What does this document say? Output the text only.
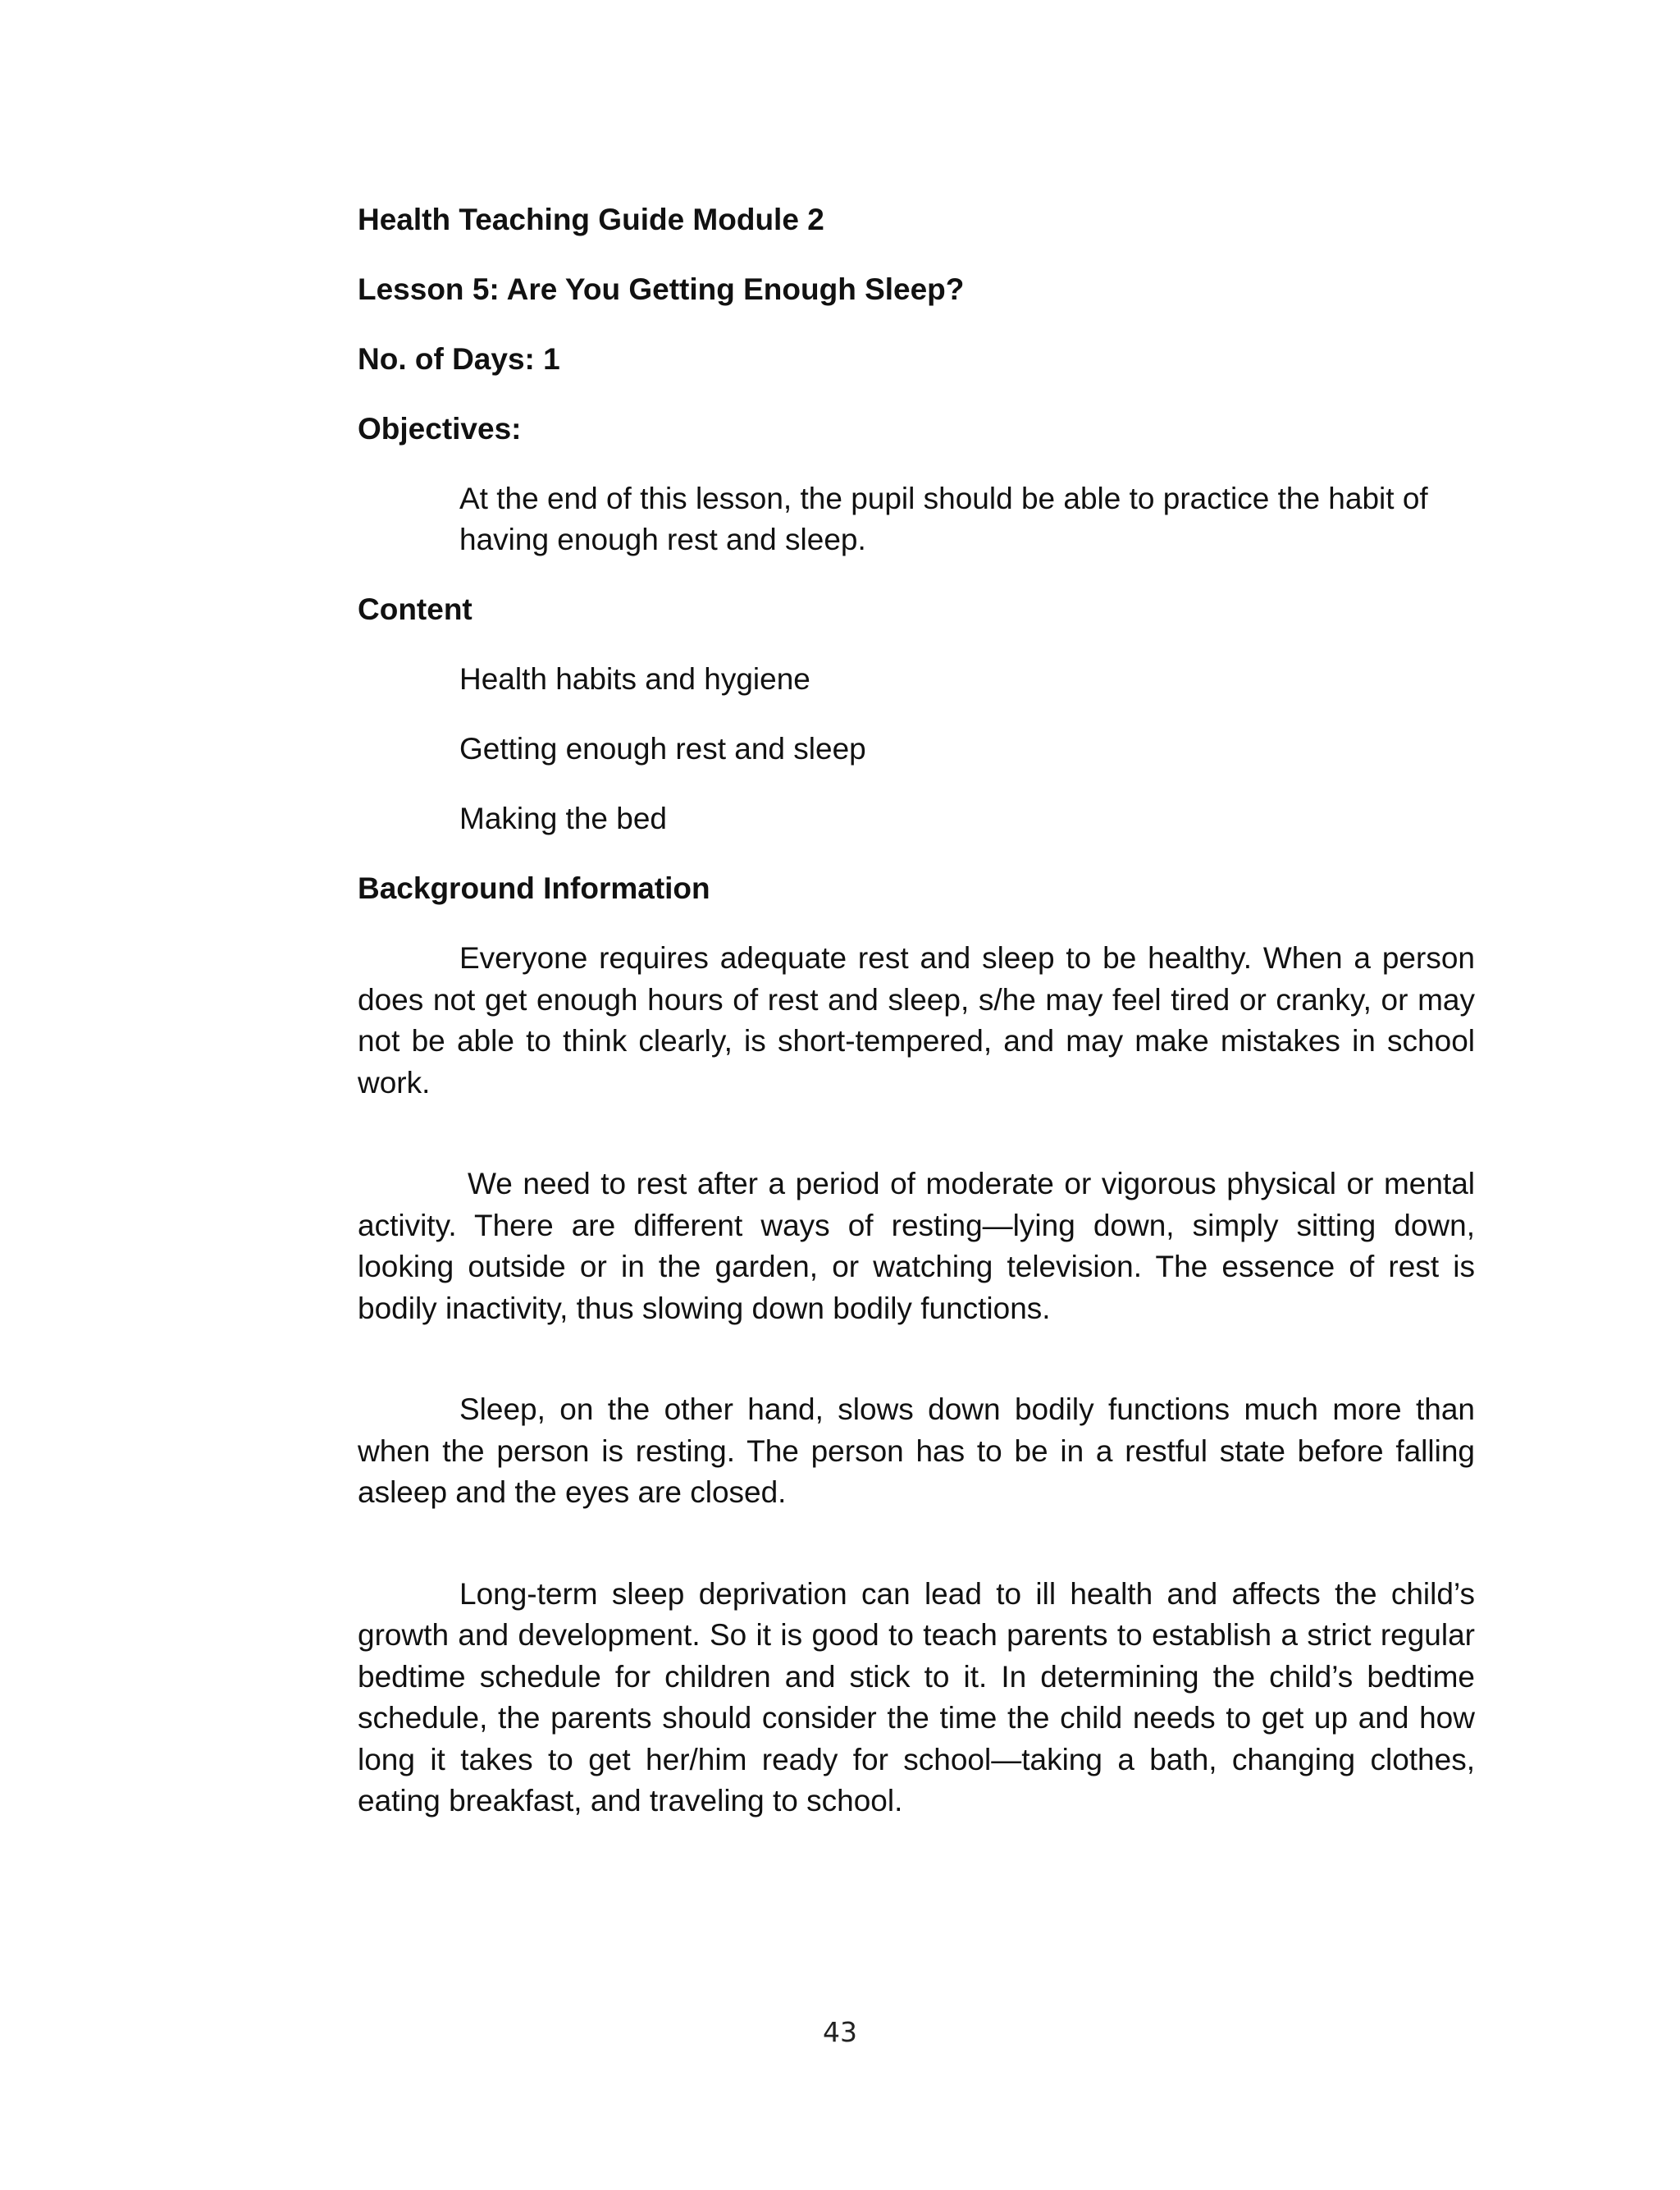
Health Teaching Guide Module 2
Lesson 5: Are You Getting Enough Sleep?
No. of Days: 1
Objectives:
At the end of this lesson, the pupil should be able to practice the habit of having enough rest and sleep.
Content
Health habits and hygiene
Getting enough rest and sleep
Making the bed
Background Information

Everyone requires adequate rest and sleep to be healthy. When a person does not get enough hours of rest and sleep, s/he may feel tired or cranky, or may not be able to think clearly, is short-tempered, and may make mistakes in school work.

We need to rest after a period of moderate or vigorous physical or mental activity. There are different ways of resting—lying down, simply sitting down, looking outside or in the garden, or watching television. The essence of rest is bodily inactivity, thus slowing down bodily functions.

Sleep, on the other hand, slows down bodily functions much more than when the person is resting. The person has to be in a restful state before falling asleep and the eyes are closed.

Long-term sleep deprivation can lead to ill health and affects the child’s growth and development. So it is good to teach parents to establish a strict regular bedtime schedule for children and stick to it. In determining the child’s bedtime schedule, the parents should consider the time the child needs to get up and how long it takes to get her/him ready for school—taking a bath, changing clothes, eating breakfast, and traveling to school.

43
